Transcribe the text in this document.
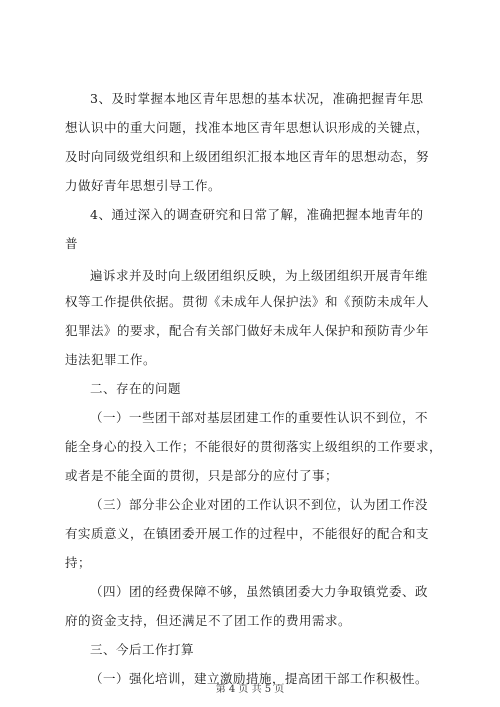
3、及时掌握本地区青年思想的基本状况，准确把握青年思
想认识中的重大问题，找准本地区青年思想认识形成的关键点，
及时向同级党组织和上级团组织汇报本地区青年的思想动态，努
力做好青年思想引导工作。
4、通过深入的调查研究和日常了解，准确把握本地青年的
普
遍诉求并及时向上级团组织反映，为上级团组织开展青年维
权等工作提供依据。贯彻《未成年人保护法》和《预防未成年人
犯罪法》的要求，配合有关部门做好未成年人保护和预防青少年
违法犯罪工作。
二、存在的问题
（一）一些团干部对基层团建工作的重要性认识不到位，不
能全身心的投入工作；不能很好的贯彻落实上级组织的工作要求，
或者是不能全面的贯彻，只是部分的应付了事；
（三）部分非公企业对团的工作认识不到位，认为团工作没
有实质意义，在镇团委开展工作的过程中，不能很好的配合和支
持；
（四）团的经费保障不够，虽然镇团委大力争取镇党委、政
府的资金支持，但还满足不了团工作的费用需求。
三、今后工作打算
（一）强化培训，建立激励措施，提高团干部工作积极性。
第 4 页 共 5 页
